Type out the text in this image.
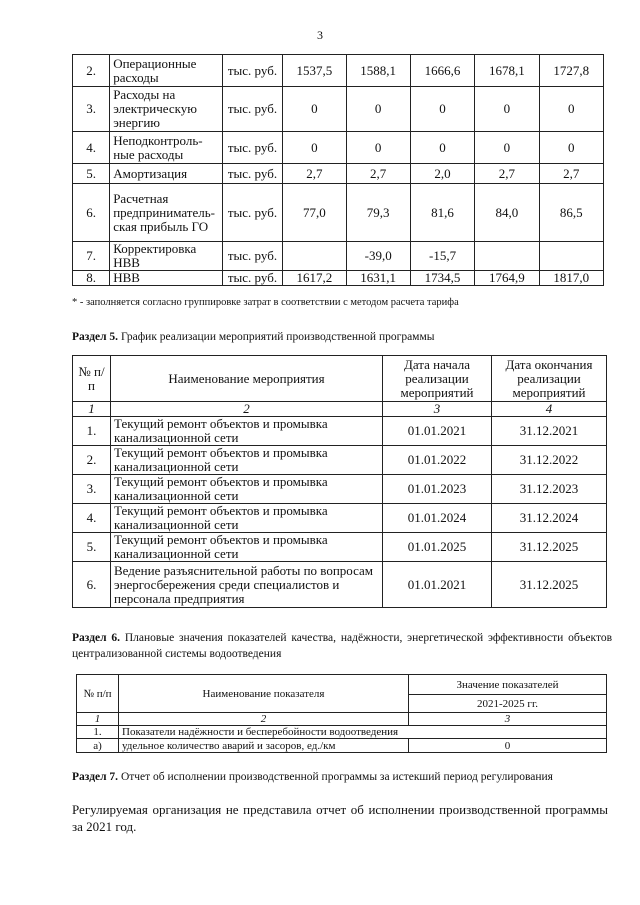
3
2.	Операционные расходы	тыс. руб.	1537,5	1588,1	1666,6	1678,1	1727,8
3.	Расходы на электрическую энергию	тыс. руб.	0	0	0	0	0
4.	Неподконтроль-ные расходы	тыс. руб.	0	0	0	0	0
5.	Амортизация	тыс. руб.	2,7	2,7	2,0	2,7	2,7
6.	Расчетная предприниматель-ская прибыль ГО	тыс. руб.	77,0	79,3	81,6	84,0	86,5
7.	Корректировка НВВ	тыс. руб.		-39,0	-15,7		
8.	НВВ	тыс. руб.	1617,2	1631,1	1734,5	1764,9	1817,0
* - заполняется согласно группировке затрат в соответствии с методом расчета тарифа
Раздел 5. График реализации мероприятий производственной программы
№ п/п	Наименование мероприятия	Дата начала реализации мероприятий	Дата окончания реализации мероприятий
1	2	3	4
1.	Текущий ремонт объектов и промывка канализационной сети	01.01.2021	31.12.2021
2.	Текущий ремонт объектов и промывка канализационной сети	01.01.2022	31.12.2022
3.	Текущий ремонт объектов и промывка канализационной сети	01.01.2023	31.12.2023
4.	Текущий ремонт объектов и промывка канализационной сети	01.01.2024	31.12.2024
5.	Текущий ремонт объектов и промывка канализационной сети	01.01.2025	31.12.2025
6.	Ведение разъяснительной работы по вопросам энергосбережения среди специалистов и персонала предприятия	01.01.2021	31.12.2025
Раздел 6. Плановые значения показателей качества, надёжности, энергетической эффективности объектов централизованной системы водоотведения
№ п/п	Наименование показателя	Значение показателей
		2021-2025 гг.
1	2	3
1.	Показатели надёжности и бесперебойности водоотведения	
а)	удельное количество аварий и засоров, ед./км	0
Раздел 7. Отчет об исполнении производственной программы за истекший период регулирования
Регулируемая организация не представила отчет об исполнении производственной программы за 2021 год.
